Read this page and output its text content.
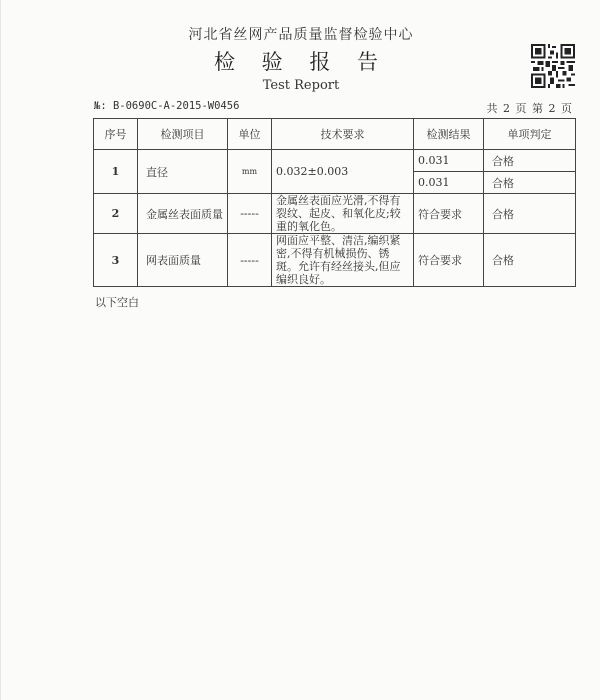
河北省丝网产品质量监督检验中心
检 验 报 告
Test Report
№: B-0690C-A-2015-W0456	共 2 页 第 2 页
序号	检测项目	单位	技术要求	检测结果	单项判定
1	直径	mm	0.032±0.003	0.031	合格
				0.031	合格
2	金属丝表面质量	-----	金属丝表面应光滑,不得有裂纹、起皮、和氧化皮;较重的氧化色。	符合要求	合格
3	网表面质量	-----	网面应平整、清洁,编织紧密,不得有机械损伤、锈斑。允许有经丝接头,但应编织良好。	符合要求	合格
以下空白
